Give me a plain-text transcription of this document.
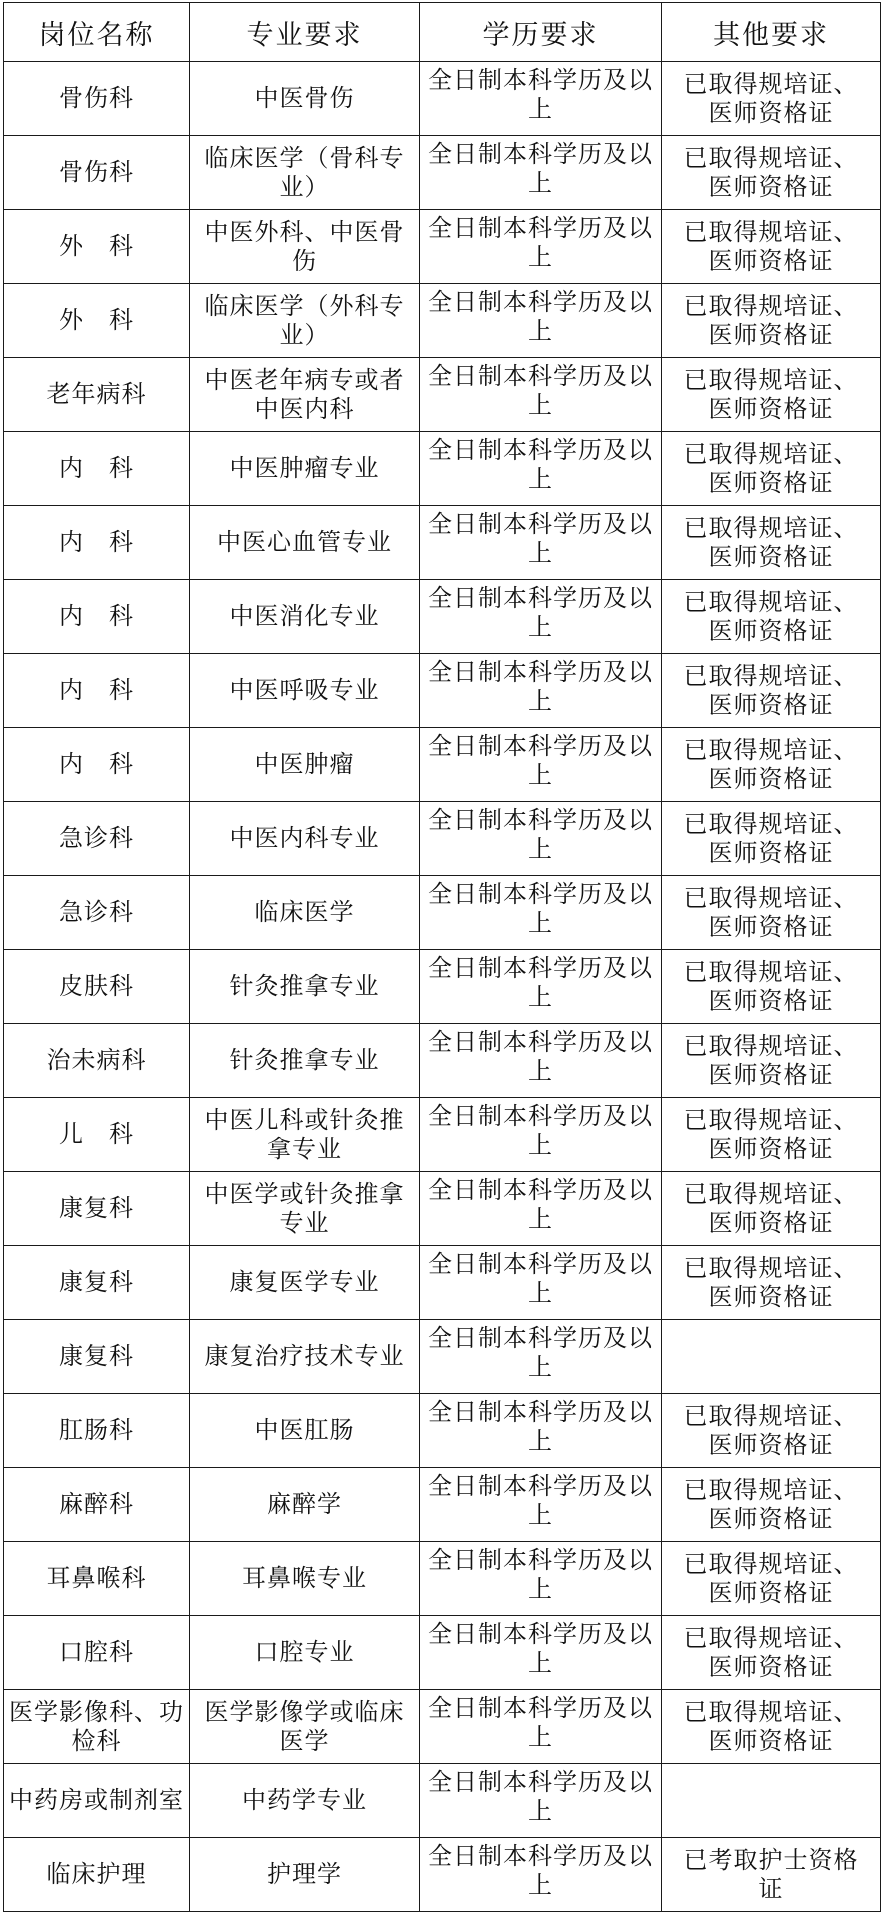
岗位名称	专业要求	学历要求	其他要求
骨伤科	中医骨伤	全日制本科学历及以上	已取得规培证、医师资格证
骨伤科	临床医学（骨科专业）	全日制本科学历及以上	已取得规培证、医师资格证
外　科	中医外科、中医骨伤	全日制本科学历及以上	已取得规培证、医师资格证
外　科	临床医学（外科专业）	全日制本科学历及以上	已取得规培证、医师资格证
老年病科	中医老年病专或者中医内科	全日制本科学历及以上	已取得规培证、医师资格证
内　科	中医肿瘤专业	全日制本科学历及以上	已取得规培证、医师资格证
内　科	中医心血管专业	全日制本科学历及以上	已取得规培证、医师资格证
内　科	中医消化专业	全日制本科学历及以上	已取得规培证、医师资格证
内　科	中医呼吸专业	全日制本科学历及以上	已取得规培证、医师资格证
内　科	中医肿瘤	全日制本科学历及以上	已取得规培证、医师资格证
急诊科	中医内科专业	全日制本科学历及以上	已取得规培证、医师资格证
急诊科	临床医学	全日制本科学历及以上	已取得规培证、医师资格证
皮肤科	针灸推拿专业	全日制本科学历及以上	已取得规培证、医师资格证
治未病科	针灸推拿专业	全日制本科学历及以上	已取得规培证、医师资格证
儿　科	中医儿科或针灸推拿专业	全日制本科学历及以上	已取得规培证、医师资格证
康复科	中医学或针灸推拿专业	全日制本科学历及以上	已取得规培证、医师资格证
康复科	康复医学专业	全日制本科学历及以上	已取得规培证、医师资格证
康复科	康复治疗技术专业	全日制本科学历及以上	
肛肠科	中医肛肠	全日制本科学历及以上	已取得规培证、医师资格证
麻醉科	麻醉学	全日制本科学历及以上	已取得规培证、医师资格证
耳鼻喉科	耳鼻喉专业	全日制本科学历及以上	已取得规培证、医师资格证
口腔科	口腔专业	全日制本科学历及以上	已取得规培证、医师资格证
医学影像科、功检科	医学影像学或临床医学	全日制本科学历及以上	已取得规培证、医师资格证
中药房或制剂室	中药学专业	全日制本科学历及以上	
临床护理	护理学	全日制本科学历及以上	已考取护士资格证
